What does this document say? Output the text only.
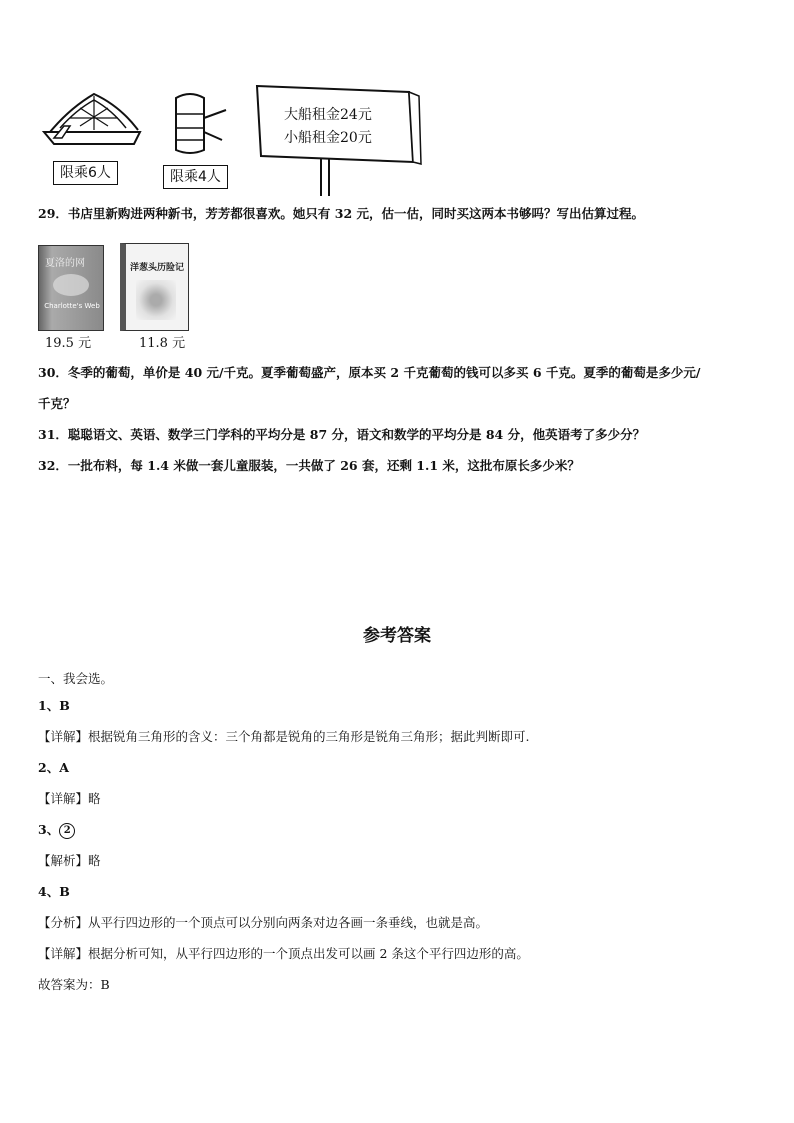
限乘6人	限乘4人
大船租金24元
小船租金20元
29．书店里新购进两种新书，芳芳都很喜欢。她只有 32 元，估一估，同时买这两本书够吗？写出估算过程。
夏洛的网
Charlotte's Web
19.5 元
洋葱头历险记
11.8 元
30．冬季的葡萄，单价是 40 元/千克。夏季葡萄盛产，原本买 2 千克葡萄的钱可以多买 6 千克。夏季的葡萄是多少元/
千克？
31．聪聪语文、英语、数学三门学科的平均分是 87 分，语文和数学的平均分是 84 分，他英语考了多少分？
32．一批布料，每 1.4 米做一套儿童服装，一共做了 26 套，还剩 1.1 米，这批布原长多少米？
参考答案
一、我会选。
1、B
【详解】根据锐角三角形的含义：三个角都是锐角的三角形是锐角三角形；据此判断即可.
2、A
【详解】略
3、 2
【解析】略
4、B
【分析】从平行四边形的一个顶点可以分别向两条对边各画一条垂线，也就是高。
【详解】根据分析可知，从平行四边形的一个顶点出发可以画 2 条这个平行四边形的高。
故答案为：B
